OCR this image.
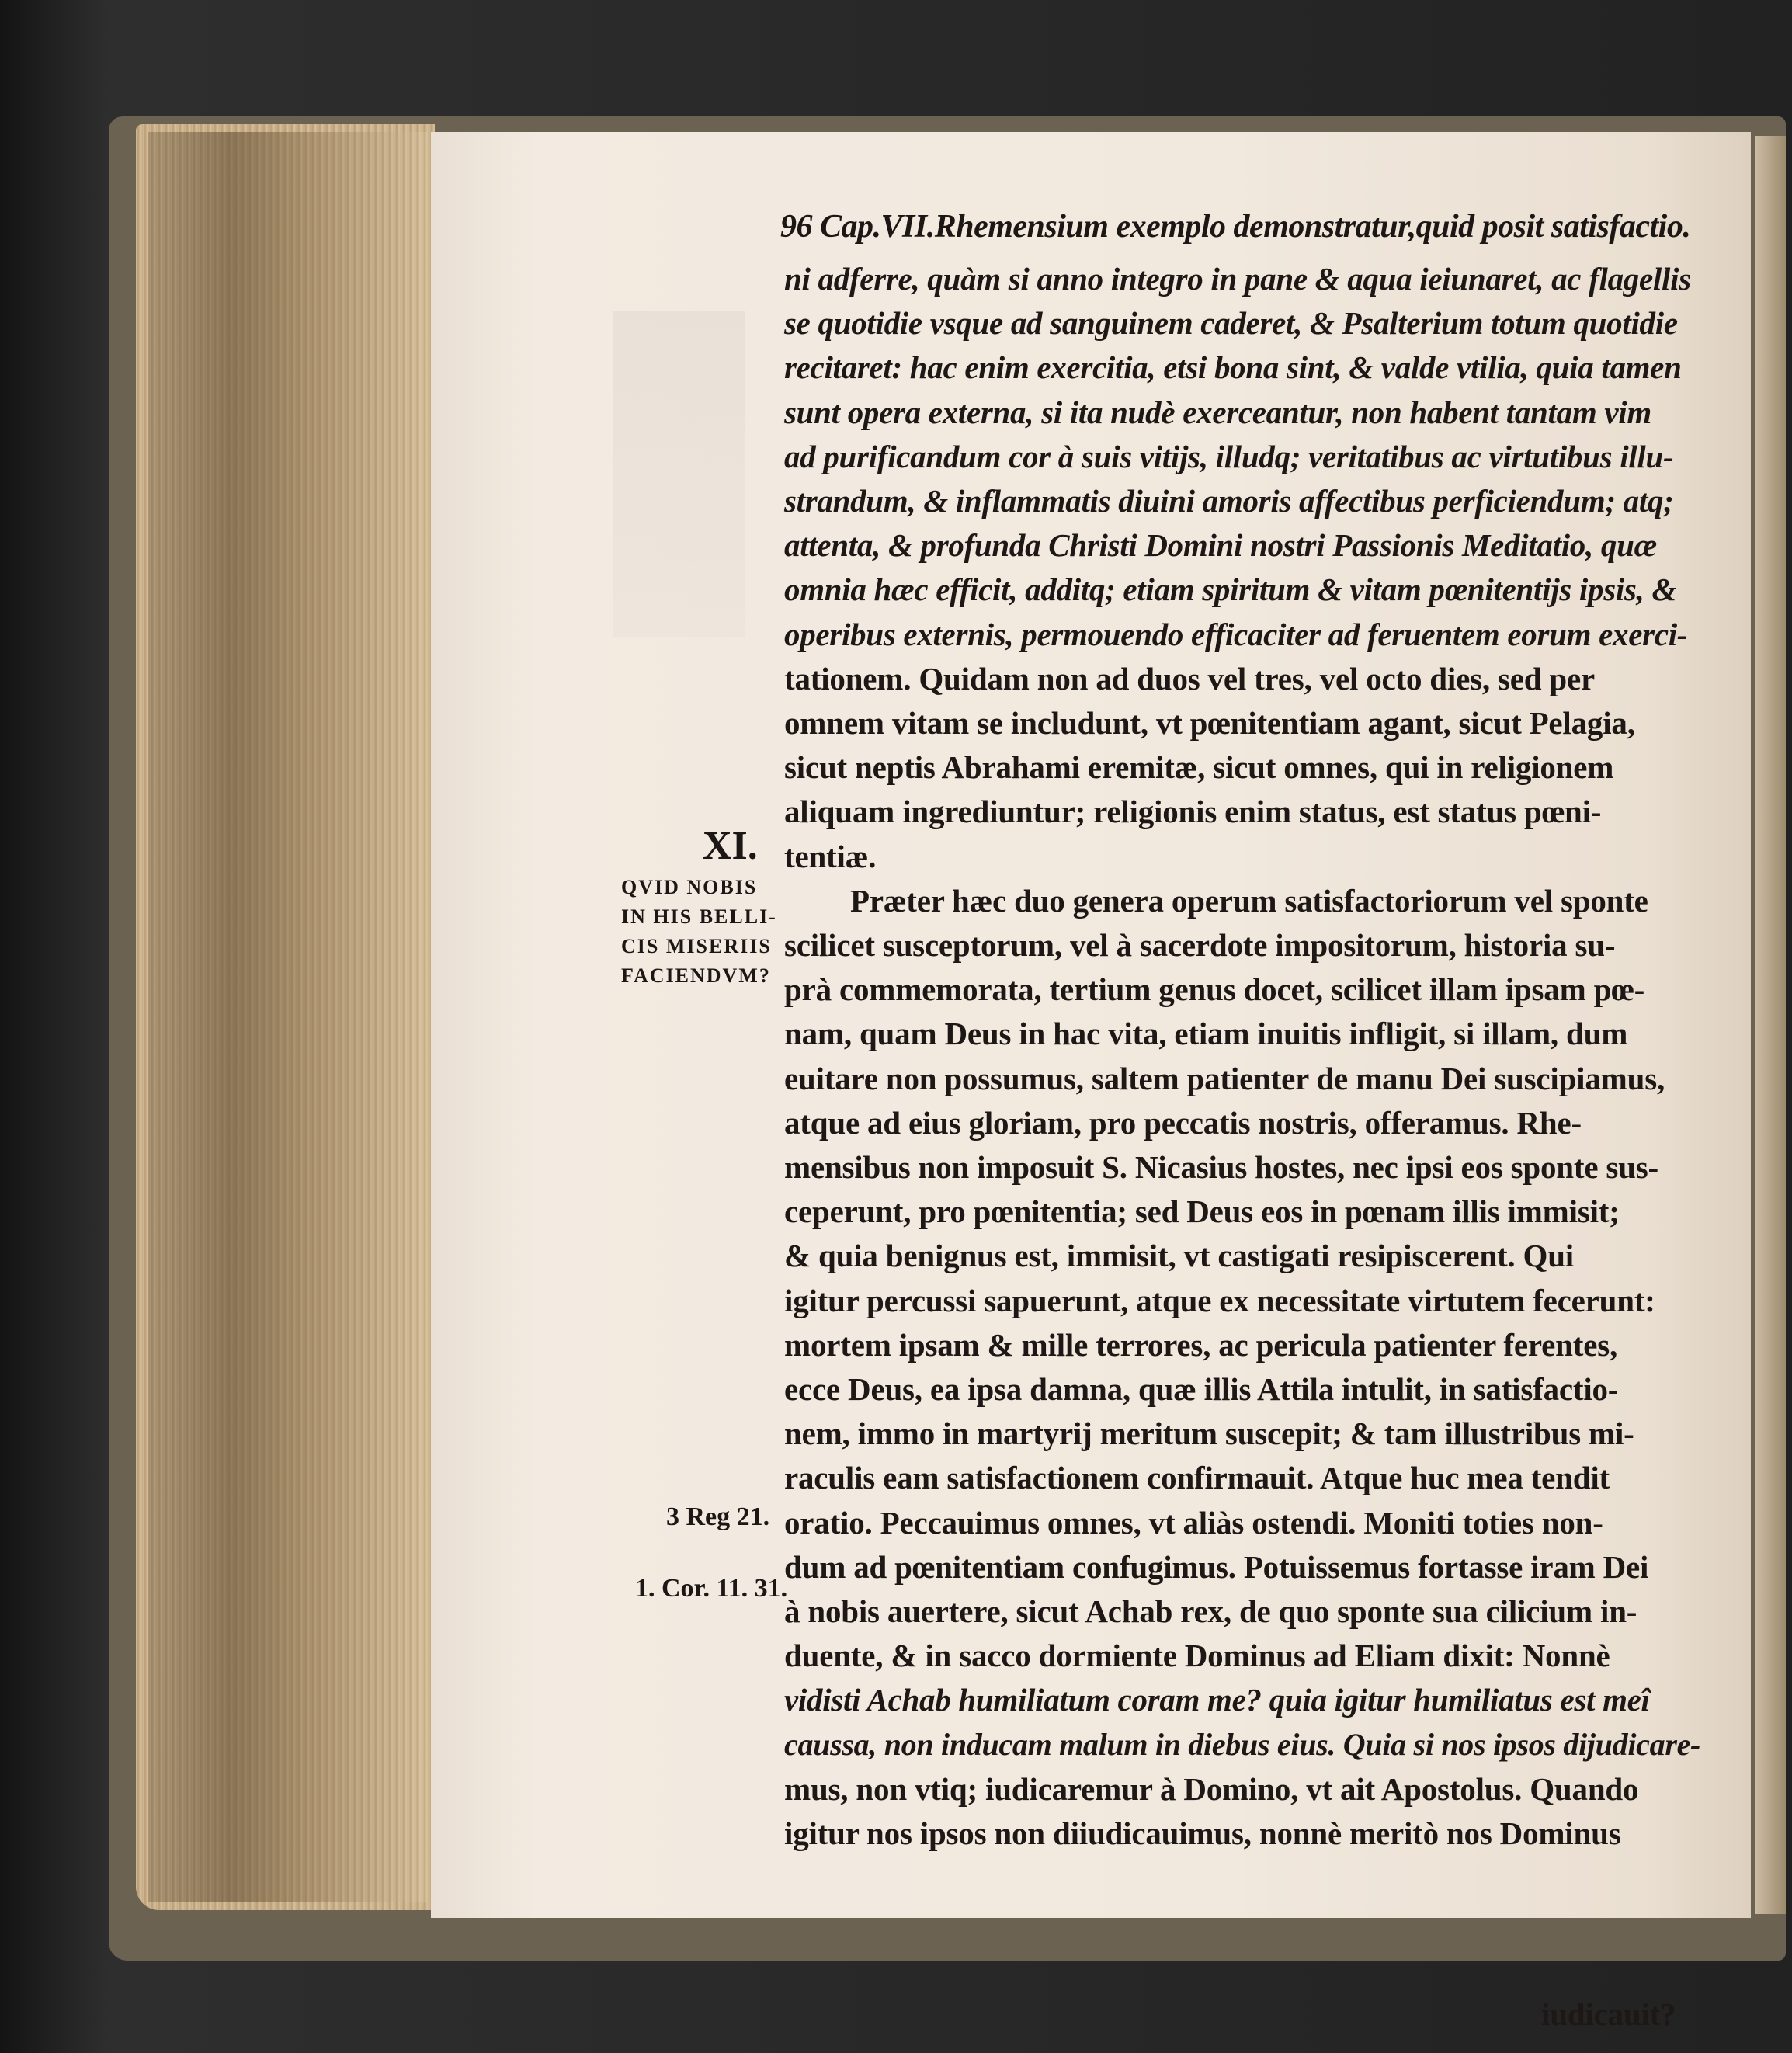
96 Cap.VII.Rhemensium exemplo demonstratur,quid posit satisfactio.
ni adferre, quàm si anno integro in pane & aqua ieiunaret, ac flagellis
se quotidie vsque ad sanguinem caderet, & Psalterium totum quotidie
recitaret: hac enim exercitia, etsi bona sint, & valde vtilia, quia tamen
sunt opera externa, si ita nudè exerceantur, non habent tantam vim
ad purificandum cor à suis vitijs, illudq; veritatibus ac virtutibus illu-
strandum, & inflammatis diuini amoris affectibus perficiendum; atq;
attenta, & profunda Christi Domini nostri Passionis Meditatio, quæ
omnia hæc efficit, additq; etiam spiritum & vitam pœnitentijs ipsis, &
operibus externis, permouendo efficaciter ad feruentem eorum exerci-
tationem. Quidam non ad duos vel tres, vel octo dies, sed per
omnem vitam se includunt, vt pœnitentiam agant, sicut Pelagia,
sicut neptis Abrahami eremitæ, sicut omnes, qui in religionem
aliquam ingrediuntur; religionis enim status, est status pœni-
tentiæ.
Præter hæc duo genera operum satisfactoriorum vel sponte
scilicet susceptorum, vel à sacerdote impositorum, historia su-
prà commemorata, tertium genus docet, scilicet illam ipsam pœ-
nam, quam Deus in hac vita, etiam inuitis infligit, si illam, dum
euitare non possumus, saltem patienter de manu Dei suscipiamus,
atque ad eius gloriam, pro peccatis nostris, offeramus. Rhe-
mensibus non imposuit S. Nicasius hostes, nec ipsi eos sponte sus-
ceperunt, pro pœnitentia; sed Deus eos in pœnam illis immisit;
& quia benignus est, immisit, vt castigati resipiscerent. Qui
igitur percussi sapuerunt, atque ex necessitate virtutem fecerunt:
mortem ipsam & mille terrores, ac pericula patienter ferentes,
ecce Deus, ea ipsa damna, quæ illis Attila intulit, in satisfactio-
nem, immo in martyrij meritum suscepit; & tam illustribus mi-
raculis eam satisfactionem confirmauit. Atque huc mea tendit
oratio. Peccauimus omnes, vt aliàs ostendi. Moniti toties non-
dum ad pœnitentiam confugimus. Potuissemus fortasse iram Dei
à nobis auertere, sicut Achab rex, de quo sponte sua cilicium in-
duente, & in sacco dormiente Dominus ad Eliam dixit: Nonnè
vidisti Achab humiliatum coram me? quia igitur humiliatus est meî
caussa, non inducam malum in diebus eius. Quia si nos ipsos dijudicare-
mus, non vtiq; iudicaremur à Domino, vt ait Apostolus. Quando
igitur nos ipsos non diiudicauimus, nonnè meritò nos Dominus
XI.
QVID NOBIS
IN HIS BELLI-
CIS MISERIIS
FACIENDVM?
3 Reg 21.
1. Cor. 11. 31.
iudicauit?
